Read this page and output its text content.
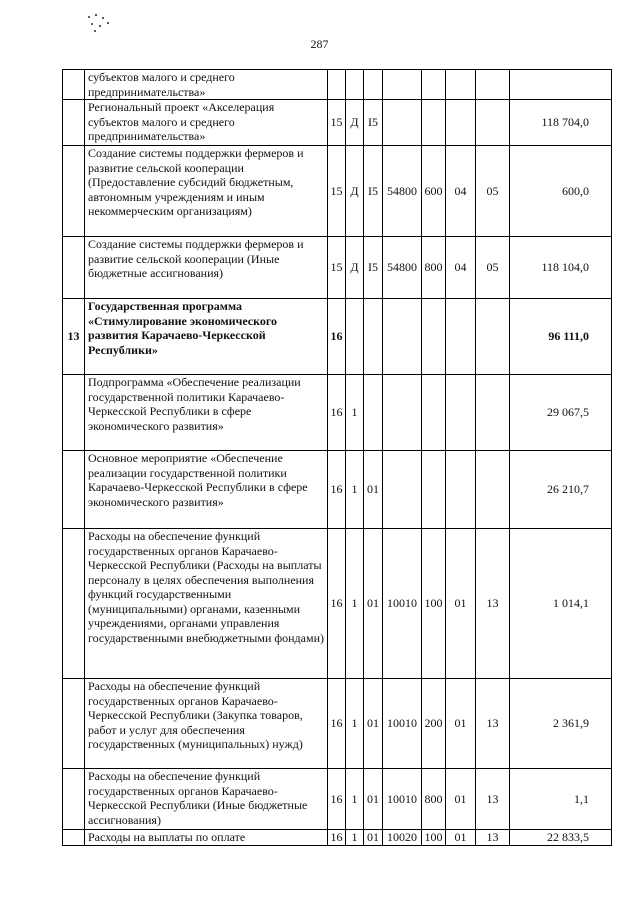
287
	субъектов малого и среднего предпринимательства»								
	Региональный проект «Акселерация субъектов малого и среднего предпринимательства»	15	Д	I5					118 704,0
	Создание системы поддержки фермеров и развитие сельской кооперации (Предоставление субсидий бюджетным, автономным учреждениям и иным некоммерческим организациям)	15	Д	I5	54800	600	04	05	600,0
	Создание системы поддержки фермеров и развитие сельской кооперации (Иные бюджетные ассигнования)	15	Д	I5	54800	800	04	05	118 104,0
13	Государственная программа «Стимулирование экономического развития Карачаево-Черкесской Республики»	16							96 111,0
	Подпрограмма «Обеспечение реализации государственной политики Карачаево-Черкесской Республики в сфере экономического развития»	16	1						29 067,5
	Основное мероприятие «Обеспечение реализации государственной политики Карачаево-Черкесской Республики в сфере экономического развития»	16	1	01					26 210,7
	Расходы на обеспечение функций государственных органов Карачаево-Черкесской Республики (Расходы на выплаты персоналу в целях обеспечения выполнения функций государственными (муниципальными) органами, казенными учреждениями, органами управления государственными внебюджетными фондами)	16	1	01	10010	100	01	13	1 014,1
	Расходы на обеспечение функций государственных органов Карачаево-Черкесской Республики (Закупка товаров, работ и услуг для обеспечения государственных (муниципальных) нужд)	16	1	01	10010	200	01	13	2 361,9
	Расходы на обеспечение функций государственных органов Карачаево-Черкесской Республики (Иные бюджетные ассигнования)	16	1	01	10010	800	01	13	1,1
	Расходы на выплаты по оплате	16	1	01	10020	100	01	13	22 833,5
